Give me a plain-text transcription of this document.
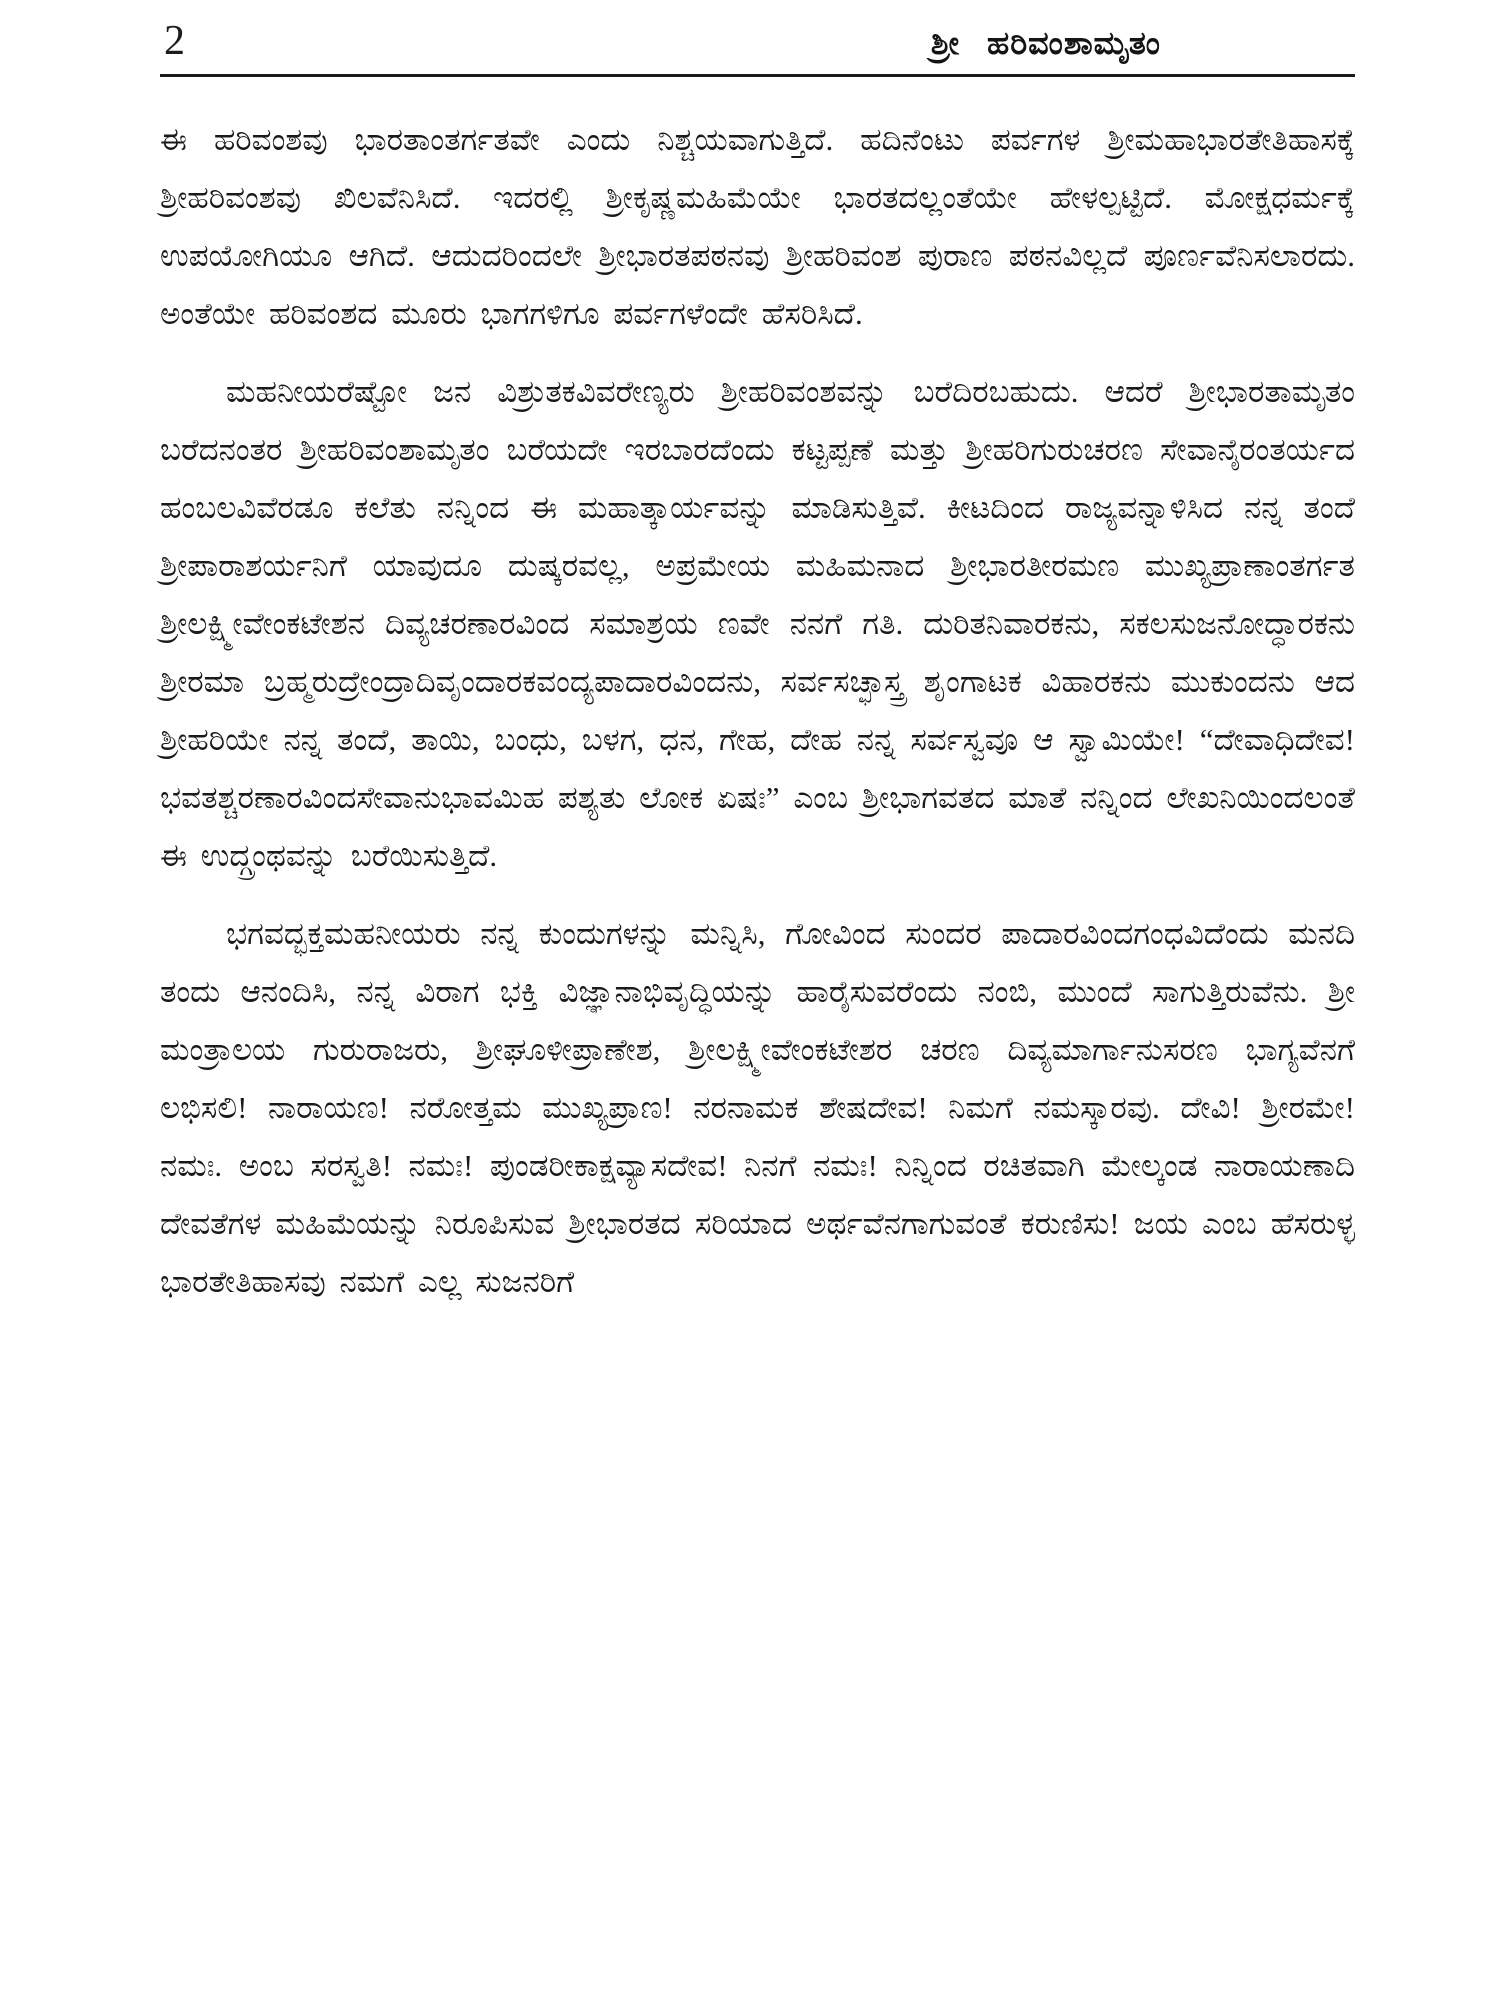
2	ಶ್ರೀ ಹರಿವಂಶಾಮೃತಂ

ಈ ಹರಿವಂಶವು ಭಾರತಾಂತರ್ಗತವೇ ಎಂದು ನಿಶ್ಚಯವಾಗುತ್ತಿದೆ. ಹದಿನೆಂಟು ಪರ್ವಗಳ ಶ್ರೀಮಹಾಭಾರತೇತಿಹಾಸಕ್ಕೆ ಶ್ರೀಹರಿವಂಶವು ಖಿಲವೆನಿಸಿದೆ. ಇದರಲ್ಲಿ ಶ್ರೀಕೃಷ್ಣಮಹಿಮೆಯೇ ಭಾರತದಲ್ಲಂತೆಯೇ ಹೇಳಲ್ಪಟ್ಟಿದೆ. ಮೋಕ್ಷಧರ್ಮಕ್ಕೆ ಉಪಯೋಗಿಯೂ ಆಗಿದೆ. ಆದುದರಿಂದಲೇ ಶ್ರೀಭಾರತಪಠನವು ಶ್ರೀಹರಿವಂಶ ಪುರಾಣ ಪಠನವಿಲ್ಲದೆ ಪೂರ್ಣವೆನಿಸಲಾರದು. ಅಂತೆಯೇ ಹರಿವಂಶದ ಮೂರು ಭಾಗಗಳಿಗೂ ಪರ್ವಗಳೆಂದೇ ಹೆಸರಿಸಿದೆ.

ಮಹನೀಯರೆಷ್ಟೋ ಜನ ವಿಶ್ರುತಕವಿವರೇಣ್ಯರು ಶ್ರೀಹರಿವಂಶವನ್ನು ಬರೆದಿರಬಹುದು. ಆದರೆ ಶ್ರೀಭಾರತಾಮೃತಂ ಬರೆದನಂತರ ಶ್ರೀಹರಿವಂಶಾಮೃತಂ ಬರೆಯದೇ ಇರಬಾರದೆಂದು ಕಟ್ಟಪ್ಪಣೆ ಮತ್ತು ಶ್ರೀಹರಿಗುರುಚರಣ ಸೇವಾನೈರಂತರ್ಯದ ಹಂಬಲವಿವೆರಡೂ ಕಲೆತು ನನ್ನಿಂದ ಈ ಮಹಾತ್ಕಾರ್ಯವನ್ನು ಮಾಡಿಸುತ್ತಿವೆ. ಕೀಟದಿಂದ ರಾಜ್ಯವನ್ನಾಳಿಸಿದ ನನ್ನ ತಂದೆ ಶ್ರೀಪಾರಾಶರ್ಯನಿಗೆ ಯಾವುದೂ ದುಷ್ಕರವಲ್ಲ, ಅಪ್ರಮೇಯ ಮಹಿಮನಾದ ಶ್ರೀಭಾರತೀರಮಣ ಮುಖ್ಯಪ್ರಾಣಾಂತರ್ಗತ ಶ್ರೀಲಕ್ಷ್ಮೀವೇಂಕಟೇಶನ ದಿವ್ಯಚರಣಾರವಿಂದ ಸಮಾಶ್ರಯ ಣವೇ ನನಗೆ ಗತಿ. ದುರಿತನಿವಾರಕನು, ಸಕಲಸುಜನೋದ್ಧಾರಕನು ಶ್ರೀರಮಾ ಬ್ರಹ್ಮರುದ್ರೇಂದ್ರಾದಿವೃಂದಾರಕವಂದ್ಯಪಾದಾರವಿಂದನು, ಸರ್ವಸಚ್ಛಾಸ್ತ್ರ ಶೃಂಗಾಟಕ ವಿಹಾರಕನು ಮುಕುಂದನು ಆದ ಶ್ರೀಹರಿಯೇ ನನ್ನ ತಂದೆ, ತಾಯಿ, ಬಂಧು, ಬಳಗ, ಧನ, ಗೇಹ, ದೇಹ ನನ್ನ ಸರ್ವಸ್ವವೂ ಆ ಸ್ವಾಮಿಯೇ! “ದೇವಾಧಿದೇವ! ಭವತಶ್ಚರಣಾರವಿಂದಸೇವಾನುಭಾವಮಿಹ ಪಶ್ಯತು ಲೋಕ ಏಷಃ” ಎಂಬ ಶ್ರೀಭಾಗವತದ ಮಾತೆ ನನ್ನಿಂದ ಲೇಖನಿಯಿಂದಲಂತೆ ಈ ಉದ್ಗ್ರಂಥವನ್ನು ಬರೆಯಿಸುತ್ತಿದೆ.

ಭಗವದ್ಭಕ್ತಮಹನೀಯರು ನನ್ನ ಕುಂದುಗಳನ್ನು ಮನ್ನಿಸಿ, ಗೋವಿಂದ ಸುಂದರ ಪಾದಾರವಿಂದಗಂಧವಿದೆಂದು ಮನದಿ ತಂದು ಆನಂದಿಸಿ, ನನ್ನ ವಿರಾಗ ಭಕ್ತಿ ವಿಜ್ಞಾನಾಭಿವೃದ್ಧಿಯನ್ನು ಹಾರೈಸುವರೆಂದು ನಂಬಿ, ಮುಂದೆ ಸಾಗುತ್ತಿರುವೆನು. ಶ್ರೀ ಮಂತ್ರಾಲಯ ಗುರುರಾಜರು, ಶ್ರೀಘೂಳೀಪ್ರಾಣೇಶ, ಶ್ರೀಲಕ್ಷ್ಮೀವೇಂಕಟೇಶರ ಚರಣ ದಿವ್ಯಮಾರ್ಗಾನುಸರಣ ಭಾಗ್ಯವೆನಗೆ ಲಭಿಸಲಿ! ನಾರಾಯಣ! ನರೋತ್ತಮ ಮುಖ್ಯಪ್ರಾಣ! ನರನಾಮಕ ಶೇಷದೇವ! ನಿಮಗೆ ನಮಸ್ಕಾರವು. ದೇವಿ! ಶ್ರೀರಮೇ! ನಮಃ. ಅಂಬ ಸರಸ್ವತಿ! ನಮಃ! ಪುಂಡರೀಕಾಕ್ಷವ್ಯಾಸದೇವ! ನಿನಗೆ ನಮಃ! ನಿನ್ನಿಂದ ರಚಿತವಾಗಿ ಮೇಲ್ಕಂಡ ನಾರಾಯಣಾದಿ ದೇವತೆಗಳ ಮಹಿಮೆಯನ್ನು ನಿರೂಪಿಸುವ ಶ್ರೀಭಾರತದ ಸರಿಯಾದ ಅರ್ಥವೆನಗಾಗುವಂತೆ ಕರುಣಿಸು! ಜಯ ಎಂಬ ಹೆಸರುಳ್ಳ ಭಾರತೇತಿಹಾಸವು ನಮಗೆ ಎಲ್ಲ ಸುಜನರಿಗೆ
